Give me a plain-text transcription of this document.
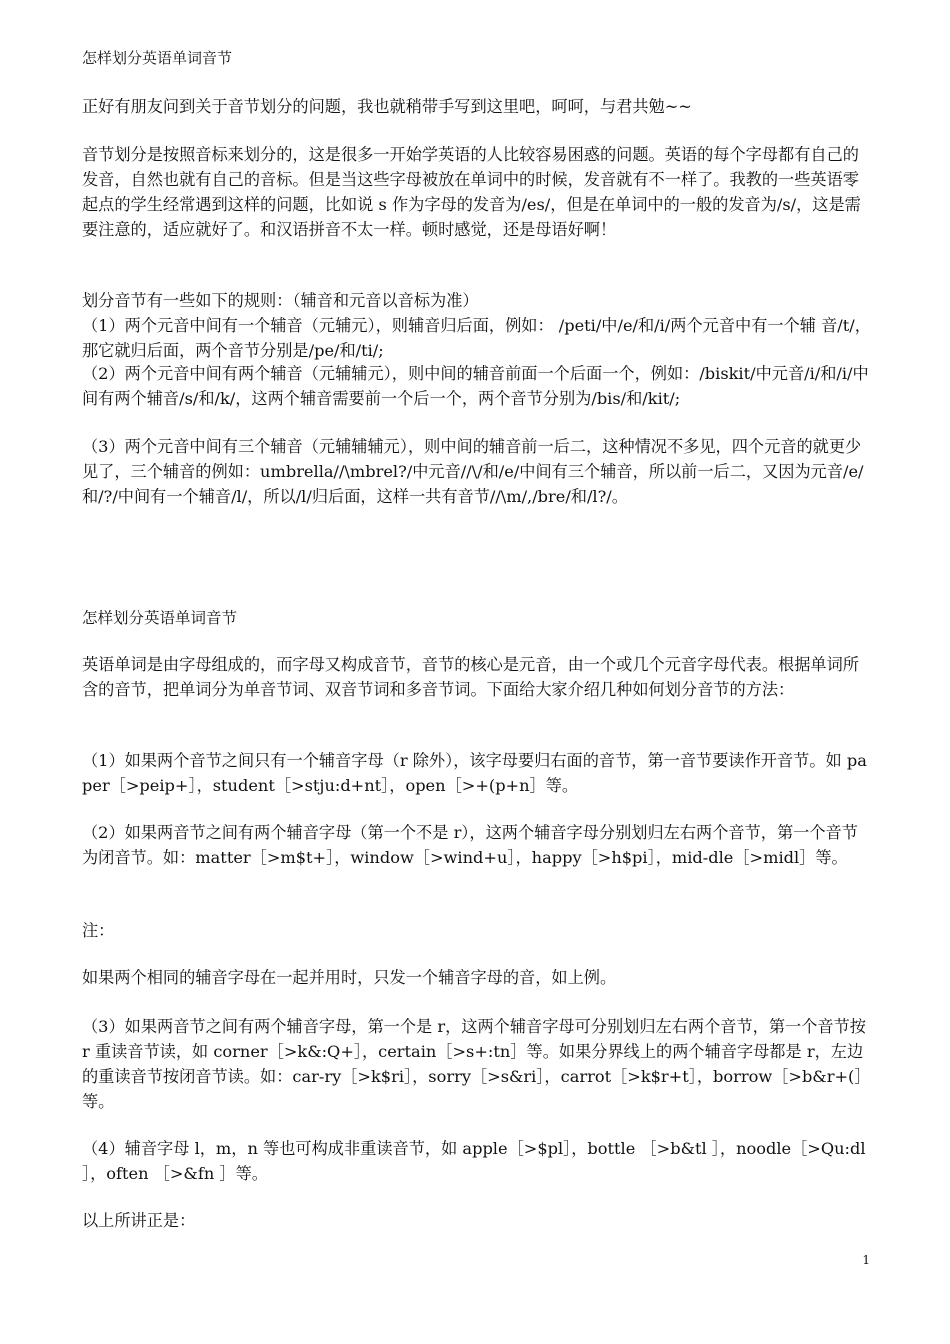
怎样划分英语单词音节

正好有朋友问到关于音节划分的问题，我也就稍带手写到这里吧，呵呵，与君共勉~~

音节划分是按照音标来划分的，这是很多一开始学英语的人比较容易困惑的问题。英语的每个字母都有自己的发音，自然也就有自己的音标。但是当这些字母被放在单词中的时候，发音就有不一样了。我教的一些英语零起点的学生经常遇到这样的问题，比如说 s 作为字母的发音为/es/，但是在单词中的一般的发音为/s/，这是需要注意的，适应就好了。和汉语拼音不太一样。顿时感觉，还是母语好啊！

划分音节有一些如下的规则：（辅音和元音以音标为准）

（1）两个元音中间有一个辅音（元辅元），则辅音归后面，例如： /peti/中/e/和/i/两个元音中有一个辅 音/t/，那它就归后面，两个音节分别是/pe/和/ti/;

（2）两个元音中间有两个辅音（元辅辅元），则中间的辅音前面一个后面一个，例如：/biskit/中元音/i/和/i/中间有两个辅音/s/和/k/，这两个辅音需要前一个后一个，两个音节分别为/bis/和/kit/;

（3）两个元音中间有三个辅音（元辅辅辅元），则中间的辅音前一后二，这种情况不多见，四个元音的就更少见了，三个辅音的例如：umbrella//\mbrel?/中元音//\/和/e/中间有三个辅音，所以前一后二，又因为元音/e/和/?/中间有一个辅音/l/，所以/l/归后面，这样一共有音节//\m/,/bre/和/l?/。

怎样划分英语单词音节

英语单词是由字母组成的，而字母又构成音节，音节的核心是元音，由一个或几个元音字母代表。根据单词所含的音节，把单词分为单音节词、双音节词和多音节词。下面给大家介绍几种如何划分音节的方法：

（1）如果两个音节之间只有一个辅音字母（r 除外），该字母要归右面的音节，第一音节要读作开音节。如 paper［>peip+］，student［>stju:d+nt］，open［>+(p+n］等。

（2）如果两音节之间有两个辅音字母（第一个不是 r），这两个辅音字母分别划归左右两个音节，第一个音节为闭音节。如：matter［>m$t+］，window［>wind+u］，happy［>h$pi］，mid-dle［>midl］等。

注：

如果两个相同的辅音字母在一起并用时，只发一个辅音字母的音，如上例。

（3）如果两音节之间有两个辅音字母，第一个是 r，这两个辅音字母可分别划归左右两个音节，第一个音节按 r 重读音节读，如 corner［>k&:Q+］，certain［>s+:tn］等。如果分界线上的两个辅音字母都是 r，左边的重读音节按闭音节读。如：car-ry［>k$ri］，sorry［>s&ri］，carrot［>k$r+t］，borrow［>b&r+(］等。

（4）辅音字母 l，m，n 等也可构成非重读音节，如 apple［>$pl］，bottle ［>b&tl ］，noodle［>Qu:dl ］，often ［>&fn ］等。

以上所讲正是：

1
